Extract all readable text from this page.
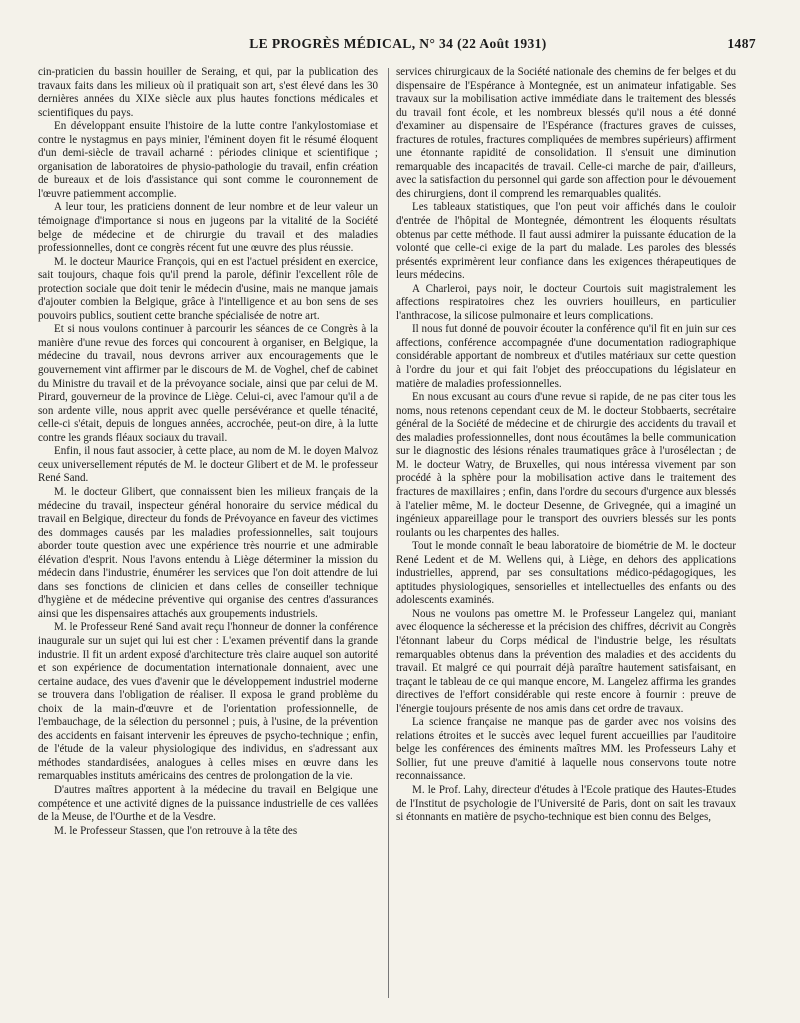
LE PROGRÈS MÉDICAL, N° 34 (22 Août 1931)	1487

cin-praticien du bassin houiller de Seraing, et qui, par la publication des travaux faits dans les milieux où il pratiquait son art, s'est élevé dans les 30 dernières années du XIXe siècle aux plus hautes fonctions médicales et scientifiques du pays.

En développant ensuite l'histoire de la lutte contre l'ankylostomiase et contre le nystagmus en pays minier, l'éminent doyen fit le résumé éloquent d'un demi-siècle de travail acharné : périodes clinique et scientifique ; organisation de laboratoires de physio-pathologie du travail, enfin création de bureaux et de lois d'assistance qui sont comme le couronnement de l'œuvre patiemment accomplie.

A leur tour, les praticiens donnent de leur nombre et de leur valeur un témoignage d'importance si nous en jugeons par la vitalité de la Société belge de médecine et de chirurgie du travail et des maladies professionnelles, dont ce congrès récent fut une œuvre des plus réussie.

M. le docteur Maurice François, qui en est l'actuel président en exercice, sait toujours, chaque fois qu'il prend la parole, définir l'excellent rôle de protection sociale que doit tenir le médecin d'usine, mais ne manque jamais d'ajouter combien la Belgique, grâce à l'intelligence et au bon sens de ses pouvoirs publics, soutient cette branche spécialisée de notre art.

Et si nous voulons continuer à parcourir les séances de ce Congrès à la manière d'une revue des forces qui concourent à organiser, en Belgique, la médecine du travail, nous devrons arriver aux encouragements que le gouvernement vint affirmer par le discours de M. de Voghel, chef de cabinet du Ministre du travail et de la prévoyance sociale, ainsi que par celui de M. Pirard, gouverneur de la province de Liège. Celui-ci, avec l'amour qu'il a de son ardente ville, nous apprit avec quelle persévérance et quelle ténacité, celle-ci s'était, depuis de longues années, accrochée, peut-on dire, à la lutte contre les grands fléaux sociaux du travail.

Enfin, il nous faut associer, à cette place, au nom de M. le doyen Malvoz ceux universellement réputés de M. le docteur Glibert et de M. le professeur René Sand.

M. le docteur Glibert, que connaissent bien les milieux français de la médecine du travail, inspecteur général honoraire du service médical du travail en Belgique, directeur du fonds de Prévoyance en faveur des victimes des dommages causés par les maladies professionnelles, sait toujours aborder toute question avec une expérience très nourrie et une admirable élévation d'esprit. Nous l'avons entendu à Liège déterminer la mission du médecin dans l'industrie, énumérer les services que l'on doit attendre de lui dans ses fonctions de clinicien et dans celles de conseiller technique d'hygiène et de médecine préventive qui organise des centres d'assurances ainsi que les dispensaires attachés aux groupements industriels.

M. le Professeur René Sand avait reçu l'honneur de donner la conférence inaugurale sur un sujet qui lui est cher : L'examen préventif dans la grande industrie. Il fit un ardent exposé d'architecture très claire auquel son autorité et son expérience de documentation internationale donnaient, avec une certaine audace, des vues d'avenir que le développement industriel moderne se trouvera dans l'obligation de réaliser. Il exposa le grand problème du choix de la main-d'œuvre et de l'orientation professionnelle, de l'embauchage, de la sélection du personnel ; puis, à l'usine, de la prévention des accidents en faisant intervenir les épreuves de psycho-technique ; enfin, de l'étude de la valeur physiologique des individus, en s'adressant aux méthodes standardisées, analogues à celles mises en œuvre dans les remarquables instituts américains des centres de prolongation de la vie.

D'autres maîtres apportent à la médecine du travail en Belgique une compétence et une activité dignes de la puissance industrielle de ces vallées de la Meuse, de l'Ourthe et de la Vesdre.

M. le Professeur Stassen, que l'on retrouve à la tête des

services chirurgicaux de la Société nationale des chemins de fer belges et du dispensaire de l'Espérance à Montegnée, est un animateur infatigable. Ses travaux sur la mobilisation active immédiate dans le traitement des blessés du travail font école, et les nombreux blessés qu'il nous a été donné d'examiner au dispensaire de l'Espérance (fractures graves de cuisses, fractures de rotules, fractures compliquées de membres supérieurs) affirment une étonnante rapidité de consolidation. Il s'ensuit une diminution remarquable des incapacités de travail. Celle-ci marche de pair, d'ailleurs, avec la satisfaction du personnel qui garde son affection pour le dévouement des chirurgiens, dont il comprend les remarquables qualités.

Les tableaux statistiques, que l'on peut voir affichés dans le couloir d'entrée de l'hôpital de Montegnée, démontrent les éloquents résultats obtenus par cette méthode. Il faut aussi admirer la puissante éducation de la volonté que celle-ci exige de la part du malade. Les paroles des blessés présentés exprimèrent leur confiance dans les exigences thérapeutiques de leurs médecins.

A Charleroi, pays noir, le docteur Courtois suit magistralement les affections respiratoires chez les ouvriers houilleurs, en particulier l'anthracose, la silicose pulmonaire et leurs complications.

Il nous fut donné de pouvoir écouter la conférence qu'il fit en juin sur ces affections, conférence accompagnée d'une documentation radiographique considérable apportant de nombreux et d'utiles matériaux sur cette question à l'ordre du jour et qui fait l'objet des préoccupations du législateur en matière de maladies professionnelles.

En nous excusant au cours d'une revue si rapide, de ne pas citer tous les noms, nous retenons cependant ceux de M. le docteur Stobbaerts, secrétaire général de la Société de médecine et de chirurgie des accidents du travail et des maladies professionnelles, dont nous écoutâmes la belle communication sur le diagnostic des lésions rénales traumatiques grâce à l'urosélectan ; de M. le docteur Watry, de Bruxelles, qui nous intéressa vivement par son procédé à la sphère pour la mobilisation active dans le traitement des fractures de maxillaires ; enfin, dans l'ordre du secours d'urgence aux blessés à l'atelier même, M. le docteur Desenne, de Grivegnée, qui a imaginé un ingénieux appareillage pour le transport des ouvriers blessés sur les ponts roulants ou les charpentes des halles.

Tout le monde connaît le beau laboratoire de biométrie de M. le docteur René Ledent et de M. Wellens qui, à Liège, en dehors des applications industrielles, apprend, par ses consultations médico-pédagogiques, les aptitudes physiologiques, sensorielles et intellectuelles des enfants ou des adolescents examinés.

Nous ne voulons pas omettre M. le Professeur Langelez qui, maniant avec éloquence la sécheresse et la précision des chiffres, décrivit au Congrès l'étonnant labeur du Corps médical de l'industrie belge, les résultats remarquables obtenus dans la prévention des maladies et des accidents du travail. Et malgré ce qui pourrait déjà paraître hautement satisfaisant, en traçant le tableau de ce qui manque encore, M. Langelez affirma les grandes directives de l'effort considérable qui reste encore à fournir : preuve de l'énergie toujours présente de nos amis dans cet ordre de travaux.

La science française ne manque pas de garder avec nos voisins des relations étroites et le succès avec lequel furent accueillies par l'auditoire belge les conférences des éminents maîtres MM. les Professeurs Lahy et Sollier, fut une preuve d'amitié à laquelle nous conservons toute notre reconnaissance.

M. le Prof. Lahy, directeur d'études à l'Ecole pratique des Hautes-Etudes de l'Institut de psychologie de l'Université de Paris, dont on sait les travaux si étonnants en matière de psycho-technique est bien connu des Belges,
